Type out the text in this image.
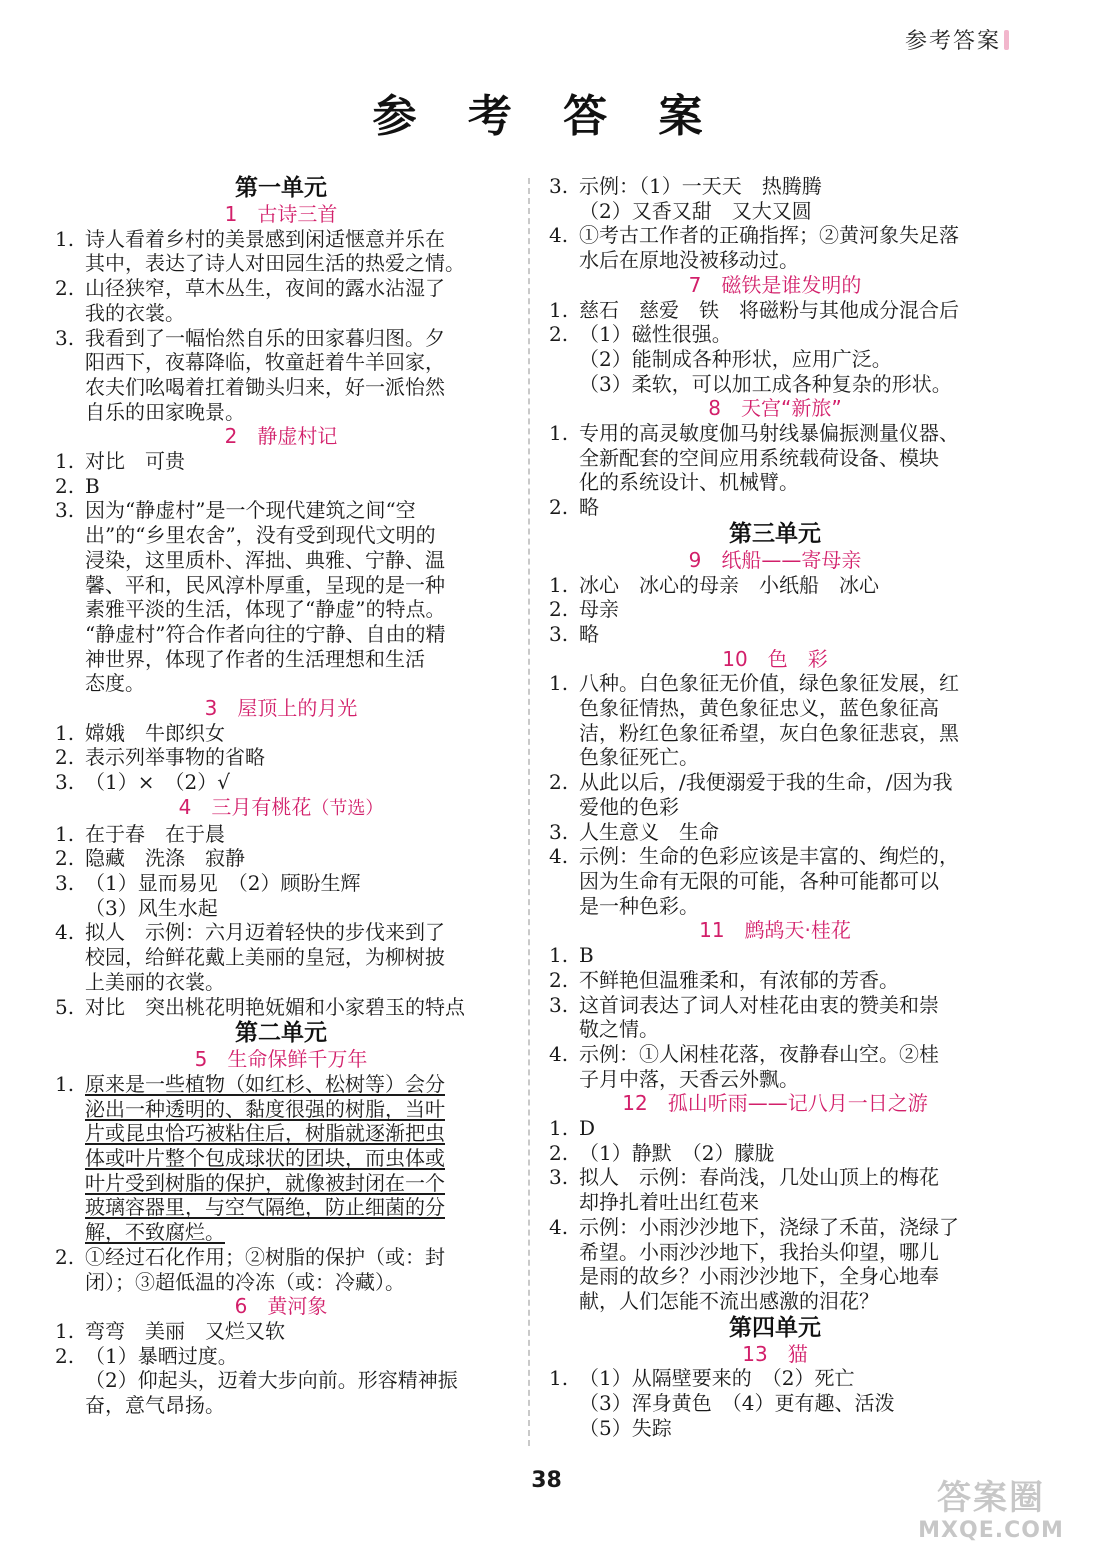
参考答案
参 考 答 案
第一单元
1　古诗三首
1. 诗人看着乡村的美景感到闲适惬意并乐在
其中，表达了诗人对田园生活的热爱之情。
2. 山径狭窄，草木丛生，夜间的露水沾湿了
我的衣裳。
3. 我看到了一幅怡然自乐的田家暮归图。夕
阳西下，夜幕降临，牧童赶着牛羊回家，
农夫们吆喝着扛着锄头归来，好一派怡然
自乐的田家晚景。
2　静虚村记
1. 对比　可贵
2. B
3. 因为“静虚村”是一个现代建筑之间“空
出”的“乡里农舍”，没有受到现代文明的
浸染，这里质朴、浑拙、典雅、宁静、温
馨、平和，民风淳朴厚重，呈现的是一种
素雅平淡的生活，体现了“静虚”的特点。
“静虚村”符合作者向往的宁静、自由的精
神世界，体现了作者的生活理想和生活
态度。
3　屋顶上的月光
1. 嫦娥　牛郎织女
2. 表示列举事物的省略
3. （1）×　（2）√
4　三月有桃花（节选）
1. 在于春　在于晨
2. 隐藏　洗涤　寂静
3. （1）显而易见　（2）顾盼生辉
（3）风生水起
4. 拟人　示例：六月迈着轻快的步伐来到了
校园，给鲜花戴上美丽的皇冠，为柳树披
上美丽的衣裳。
5. 对比　突出桃花明艳妩媚和小家碧玉的特点
第二单元
5　生命保鲜千万年
1. 原来是一些植物（如红杉、松树等）会分
泌出一种透明的、黏度很强的树脂，当叶
片或昆虫恰巧被粘住后，树脂就逐渐把虫
体或叶片整个包成球状的团块，而虫体或
叶片受到树脂的保护，就像被封闭在一个
玻璃容器里，与空气隔绝，防止细菌的分
解，不致腐烂。
2. ①经过石化作用；②树脂的保护（或：封
闭）；③超低温的冷冻（或：冷藏）。
6　黄河象
1. 弯弯　美丽　又烂又软
2. （1）暴晒过度。
（2）仰起头，迈着大步向前。形容精神振
奋，意气昂扬。
3. 示例：（1）一天天　热腾腾
（2）又香又甜　又大又圆
4. ①考古工作者的正确指挥；②黄河象失足落
水后在原地没被移动过。
7　磁铁是谁发明的
1. 慈石　慈爱　铁　将磁粉与其他成分混合后
2. （1）磁性很强。
（2）能制成各种形状，应用广泛。
（3）柔软，可以加工成各种复杂的形状。
8　天宫“新旅”
1. 专用的高灵敏度伽马射线暴偏振测量仪器、
全新配套的空间应用系统载荷设备、模块
化的系统设计、机械臂。
2. 略
第三单元
9　纸船——寄母亲
1. 冰心　冰心的母亲　小纸船　冰心
2. 母亲
3. 略
10　色　彩
1. 八种。白色象征无价值，绿色象征发展，红
色象征情热，黄色象征忠义，蓝色象征高
洁，粉红色象征希望，灰白色象征悲哀，黑
色象征死亡。
2. 从此以后，/我便溺爱于我的生命，/因为我
爱他的色彩
3. 人生意义　生命
4. 示例：生命的色彩应该是丰富的、绚烂的，
因为生命有无限的可能，各种可能都可以
是一种色彩。
11　鹧鸪天·桂花
1. B
2. 不鲜艳但温雅柔和，有浓郁的芳香。
3. 这首词表达了词人对桂花由衷的赞美和崇
敬之情。
4. 示例：①人闲桂花落，夜静春山空。②桂
子月中落，天香云外飘。
12　孤山听雨——记八月一日之游
1. D
2. （1）静默　（2）朦胧
3. 拟人　示例：春尚浅，几处山顶上的梅花
却挣扎着吐出红苞来
4. 示例：小雨沙沙地下，浇绿了禾苗，浇绿了
希望。小雨沙沙地下，我抬头仰望，哪儿
是雨的故乡？小雨沙沙地下，全身心地奉
献，人们怎能不流出感激的泪花？
第四单元
13　猫
1. （1）从隔壁要来的　（2）死亡
（3）浑身黄色　（4）更有趣、活泼
（5）失踪
38	答案圈
MXQE.COM
